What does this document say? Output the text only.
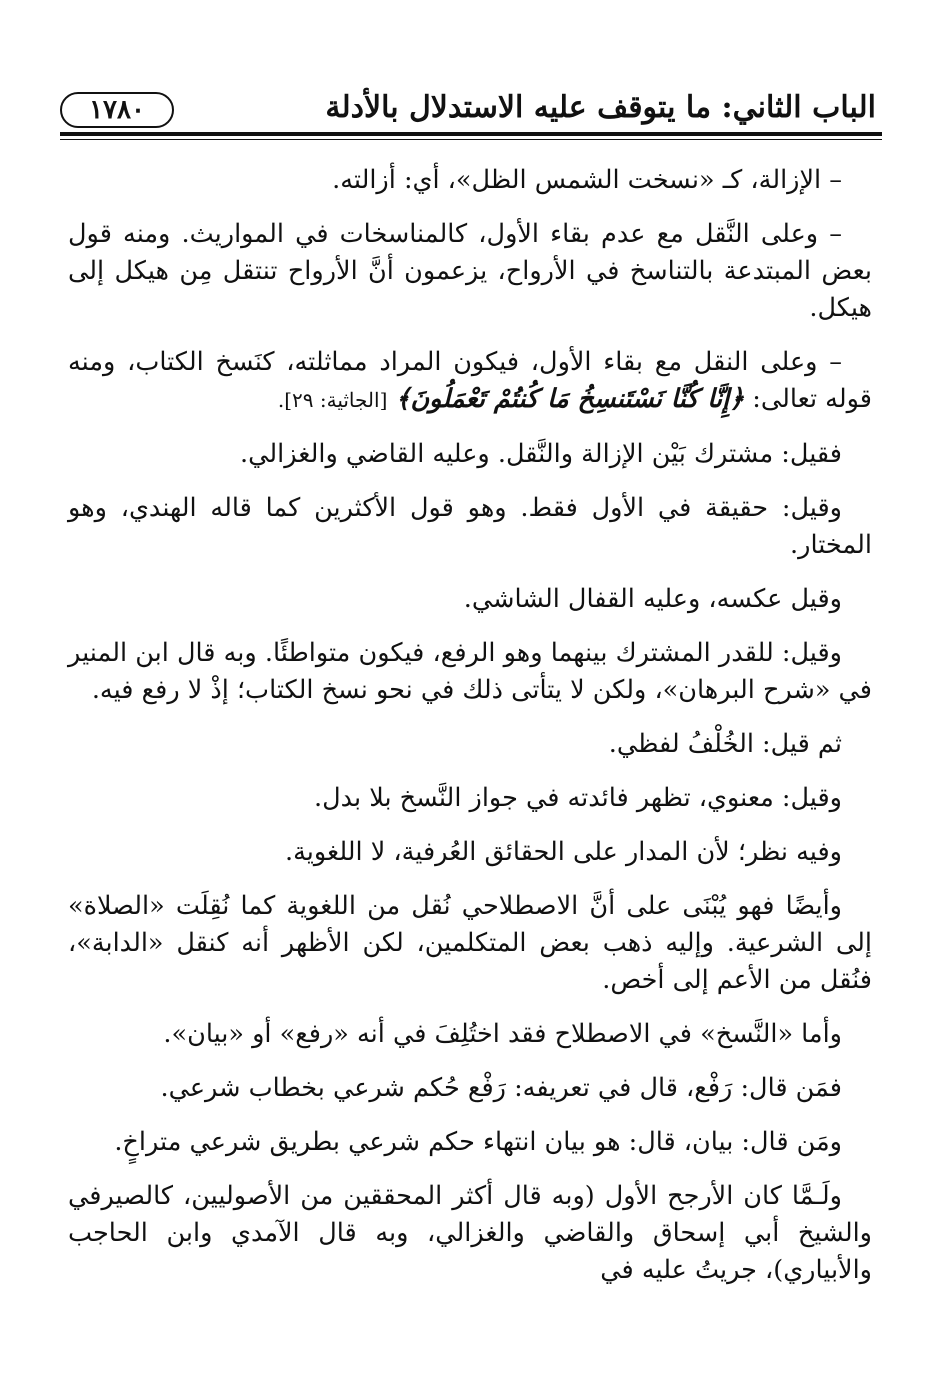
الباب الثاني: ما يتوقف عليه الاستدلال بالأدلة
١٧٨٠

– الإزالة، كـ «نسخت الشمس الظل»، أي: أزالته.

– وعلى النَّقل مع عدم بقاء الأول، كالمناسخات في المواريث. ومنه قول بعض المبتدعة بالتناسخ في الأرواح، يزعمون أنَّ الأرواح تنتقل مِن هيكل إلى هيكل.

– وعلى النقل مع بقاء الأول، فيكون المراد مماثلته، كنَسخ الكتاب، ومنه قوله تعالى: ﴿إِنَّا كُنَّا نَسْتَنسِخُ مَا كُنتُمْ تَعْمَلُونَ﴾ [الجاثية: ٢٩].

فقيل: مشترك بَيْن الإزالة والنَّقل. وعليه القاضي والغزالي.

وقيل: حقيقة في الأول فقط. وهو قول الأكثرين كما قاله الهندي، وهو المختار.

وقيل عكسه، وعليه القفال الشاشي.

وقيل: للقدر المشترك بينهما وهو الرفع، فيكون متواطئًا. وبه قال ابن المنير في «شرح البرهان»، ولكن لا يتأتى ذلك في نحو نسخ الكتاب؛ إذْ لا رفع فيه.

ثم قيل: الخُلْفُ لفظي.

وقيل: معنوي، تظهر فائدته في جواز النَّسخ بلا بدل.

وفيه نظر؛ لأن المدار على الحقائق العُرفية، لا اللغوية.

وأيضًا فهو يُبْنَى على أنَّ الاصطلاحي نُقل من اللغوية كما نُقِلَت «الصلاة» إلى الشرعية. وإليه ذهب بعض المتكلمين، لكن الأظهر أنه كنقل «الدابة»، فنُقل من الأعم إلى أخص.

وأما «النَّسخ» في الاصطلاح فقد اختُلِفَ في أنه «رفع» أو «بيان».

فمَن قال: رَفْع، قال في تعريفه: رَفْع حُكم شرعي بخطاب شرعي.

ومَن قال: بيان، قال: هو بيان انتهاء حكم شرعي بطريق شرعي متراخٍ.

ولَـمَّا كان الأرجح الأول (وبه قال أكثر المحققين من الأصوليين، كالصيرفي والشيخ أبي إسحاق والقاضي والغزالي، وبه قال الآمدي وابن الحاجب والأبياري)، جريتُ عليه في
